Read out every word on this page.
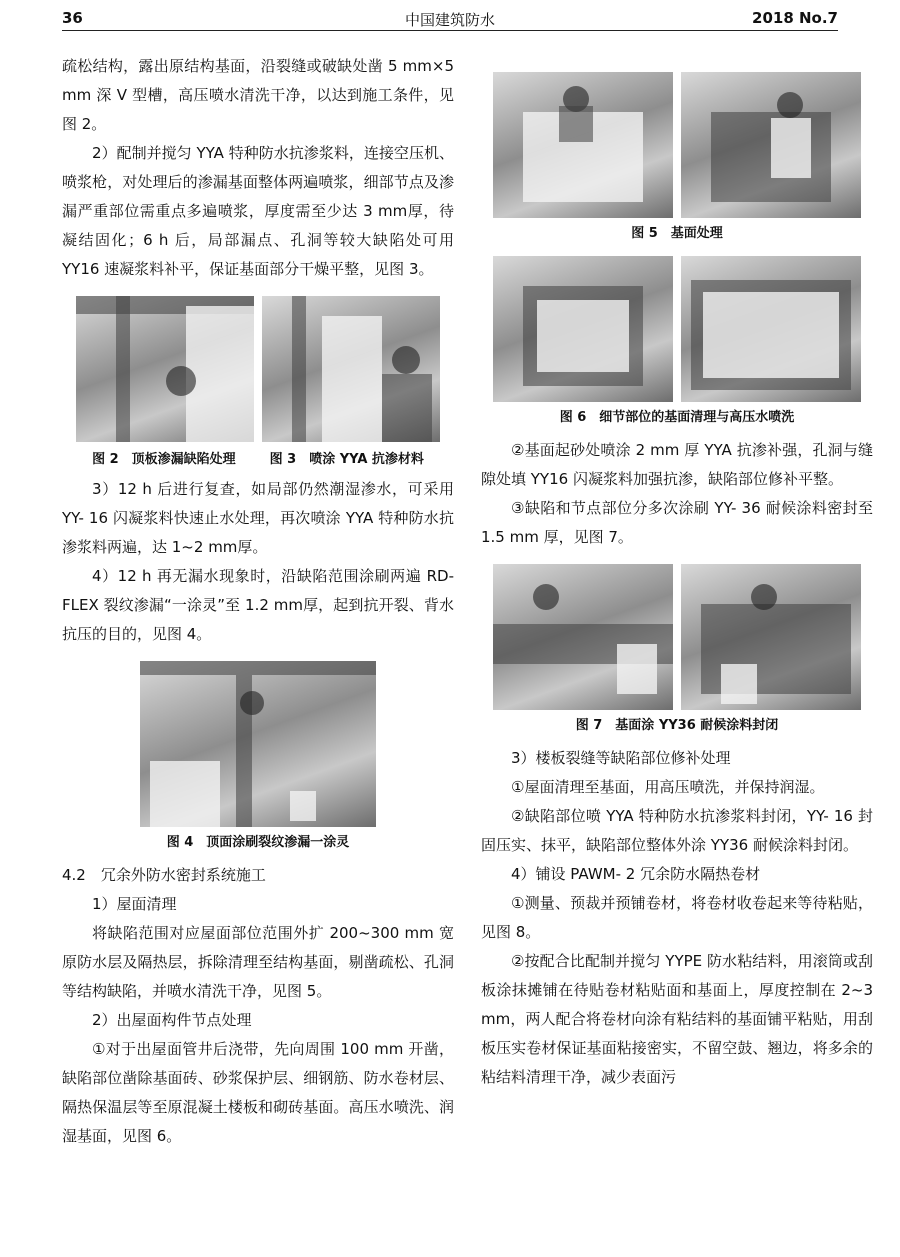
36	中国建筑防水	2018 No.7

疏松结构，露出原结构基面，沿裂缝或破缺处凿 5 mm×5 mm 深 V 型槽，高压喷水清洗干净，以达到施工条件，见图 2。

2）配制并搅匀 YYA 特种防水抗渗浆料，连接空压机、喷浆枪，对处理后的渗漏基面整体两遍喷浆，细部节点及渗漏严重部位需重点多遍喷浆，厚度需至少达 3 mm厚，待凝结固化；6 h 后，局部漏点、孔洞等较大缺陷处可用 YY16 速凝浆料补平，保证基面部分干燥平整，见图 3。

图 2　顶板渗漏缺陷处理	图 3　喷涂 YYA 抗渗材料

3）12 h 后进行复查，如局部仍然潮湿渗水，可采用 YY- 16 闪凝浆料快速止水处理，再次喷涂 YYA 特种防水抗渗浆料两遍，达 1~2 mm厚。

4）12 h 再无漏水现象时，沿缺陷范围涂刷两遍 RD- FLEX 裂纹渗漏“一涂灵”至 1.2 mm厚，起到抗开裂、背水抗压的目的，见图 4。

图 4　顶面涂刷裂纹渗漏一涂灵

4.2　冗余外防水密封系统施工

1）屋面清理

将缺陷范围对应屋面部位范围外扩 200~300 mm 宽原防水层及隔热层，拆除清理至结构基面，剔凿疏松、孔洞等结构缺陷，并喷水清洗干净，见图 5。

2）出屋面构件节点处理

①对于出屋面管井后浇带，先向周围 100 mm 开凿，缺陷部位凿除基面砖、砂浆保护层、细钢筋、防水卷材层、隔热保温层等至原混凝土楼板和砌砖基面。高压水喷洗、润湿基面，见图 6。

图 5　基面处理
图 6　细节部位的基面清理与高压水喷洗

②基面起砂处喷涂 2 mm 厚 YYA 抗渗补强，孔洞与缝隙处填 YY16 闪凝浆料加强抗渗，缺陷部位修补平整。

③缺陷和节点部位分多次涂刷 YY- 36 耐候涂料密封至 1.5 mm 厚，见图 7。

图 7　基面涂 YY36 耐候涂料封闭

3）楼板裂缝等缺陷部位修补处理

①屋面清理至基面，用高压喷洗，并保持润湿。

②缺陷部位喷 YYA 特种防水抗渗浆料封闭，YY- 16 封固压实、抹平，缺陷部位整体外涂 YY36 耐候涂料封闭。

4）铺设 PAWM- 2 冗余防水隔热卷材

①测量、预裁并预铺卷材，将卷材收卷起来等待粘贴，见图 8。

②按配合比配制并搅匀 YYPE 防水粘结料，用滚筒或刮板涂抹摊铺在待贴卷材粘贴面和基面上，厚度控制在 2~3 mm，两人配合将卷材向涂有粘结料的基面铺平粘贴，用刮板压实卷材保证基面粘接密实，不留空鼓、翘边，将多余的粘结料清理干净，减少表面污
